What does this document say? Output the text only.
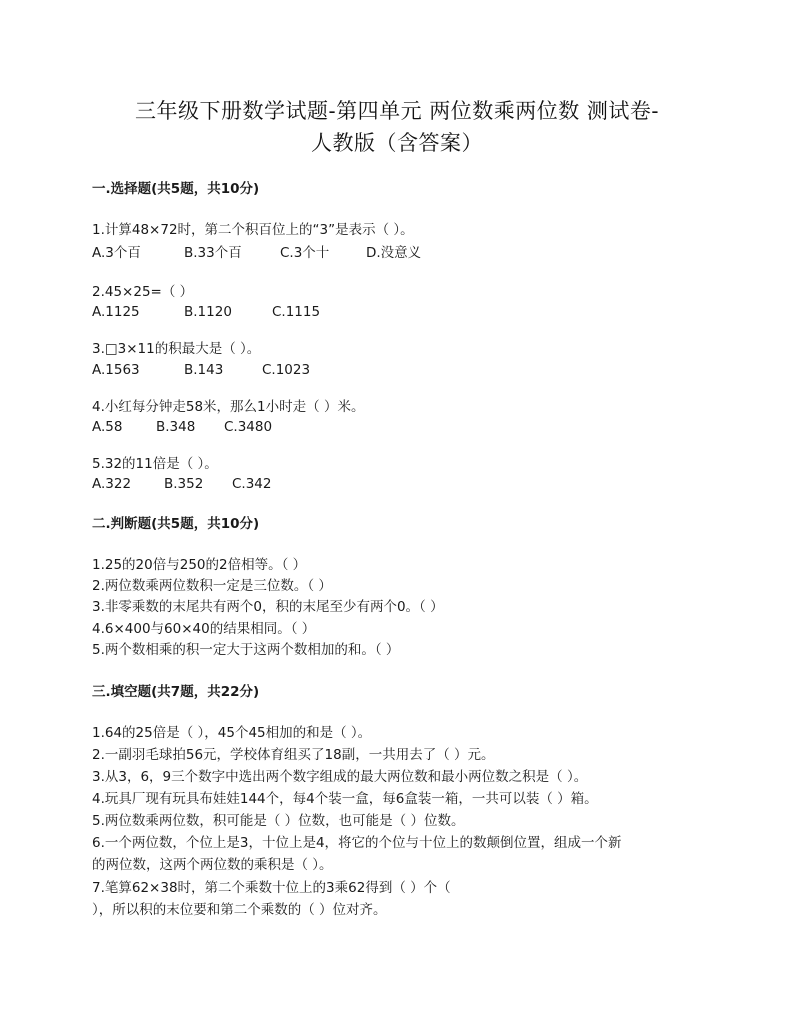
三年级下册数学试题-第四单元 两位数乘两位数 测试卷-
人教版（含答案）
一.选择题(共5题，共10分)
1.计算48×72时，第二个积百位上的“3”是表示（ ）。
A.3个百	B.33个百	C.3个十	D.没意义
2.45×25=（ ）
A.1125	B.1120	C.1115
3.□3×11的积最大是（ ）。
A.1563	B.143	C.1023
4.小红每分钟走58米，那么1小时走（ ）米。
A.58 B.348 C.3480
5.32的11倍是（ ）。
A.322 B.352 C.342
二.判断题(共5题，共10分)
1.25的20倍与250的2倍相等。（ ）
2.两位数乘两位数积一定是三位数。（ ）
3.非零乘数的末尾共有两个0，积的末尾至少有两个0。（ ）
4.6×400与60×40的结果相同。（ ）
5.两个数相乘的积一定大于这两个数相加的和。（ ）
三.填空题(共7题，共22分)
1.64的25倍是（ ），45个45相加的和是（ ）。
2.一副羽毛球拍56元，学校体育组买了18副，一共用去了（ ）元。
3.从3，6，9三个数字中选出两个数字组成的最大两位数和最小两位数之积是（ ）。
4.玩具厂现有玩具布娃娃144个，每4个装一盒，每6盒装一箱，一共可以装（ ）箱。
5.两位数乘两位数，积可能是（ ）位数，也可能是（ ）位数。
6.一个两位数，个位上是3，十位上是4，将它的个位与十位上的数颠倒位置，组成一个新
的两位数，这两个两位数的乘积是（ ）。
7.笔算62×38时，第二个乘数十位上的3乘62得到（ ）个（
），所以积的末位要和第二个乘数的（ ）位对齐。
